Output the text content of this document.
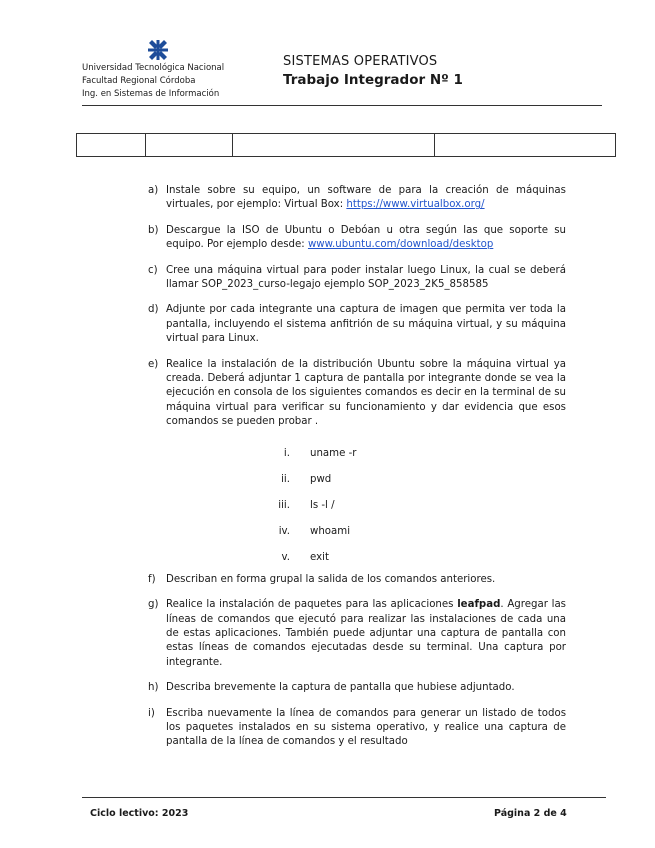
Universidad Tecnológica Nacional
Facultad Regional Córdoba
Ing. en Sistemas de Información
SISTEMAS OPERATIVOS
Trabajo Integrador Nº 1

a) Instale sobre su equipo, un software de para la creación de máquinas virtuales, por ejemplo: Virtual Box: https://www.virtualbox.org/
b) Descargue la ISO de Ubuntu o Debóan u otra según las que soporte su equipo. Por ejemplo desde: www.ubuntu.com/download/desktop
c) Cree una máquina virtual para poder instalar luego Linux, la cual se deberá llamar SOP_2023_curso-legajo ejemplo SOP_2023_2K5_858585
d) Adjunte por cada integrante una captura de imagen que permita ver toda la pantalla, incluyendo el sistema anfitrión de su máquina virtual, y su máquina virtual para Linux.
e) Realice la instalación de la distribución Ubuntu sobre la máquina virtual ya creada. Deberá adjuntar 1 captura de pantalla por integrante donde se vea la ejecución en consola de los siguientes comandos es decir en la terminal de su máquina virtual para verificar su funcionamiento y dar evidencia que esos comandos se pueden probar .
i. uname -r
ii. pwd
iii. ls -l /
iv. whoami
v. exit
f)	Describan en forma grupal la salida de los comandos anteriores.
g) Realice la instalación de paquetes para las aplicaciones leafpad. Agregar las líneas de comandos que ejecutó para realizar las instalaciones de cada una de estas aplicaciones. También puede adjuntar una captura de pantalla con estas líneas de comandos ejecutadas desde su terminal. Una captura por integrante.
h) Describa brevemente la captura de pantalla que hubiese adjuntado.
i)	Escriba nuevamente la línea de comandos para generar un listado de todos los paquetes instalados en su sistema operativo, y realice una captura de pantalla de la línea de comandos y el resultado
Ciclo lectivo: 2023	Página 2 de 4
